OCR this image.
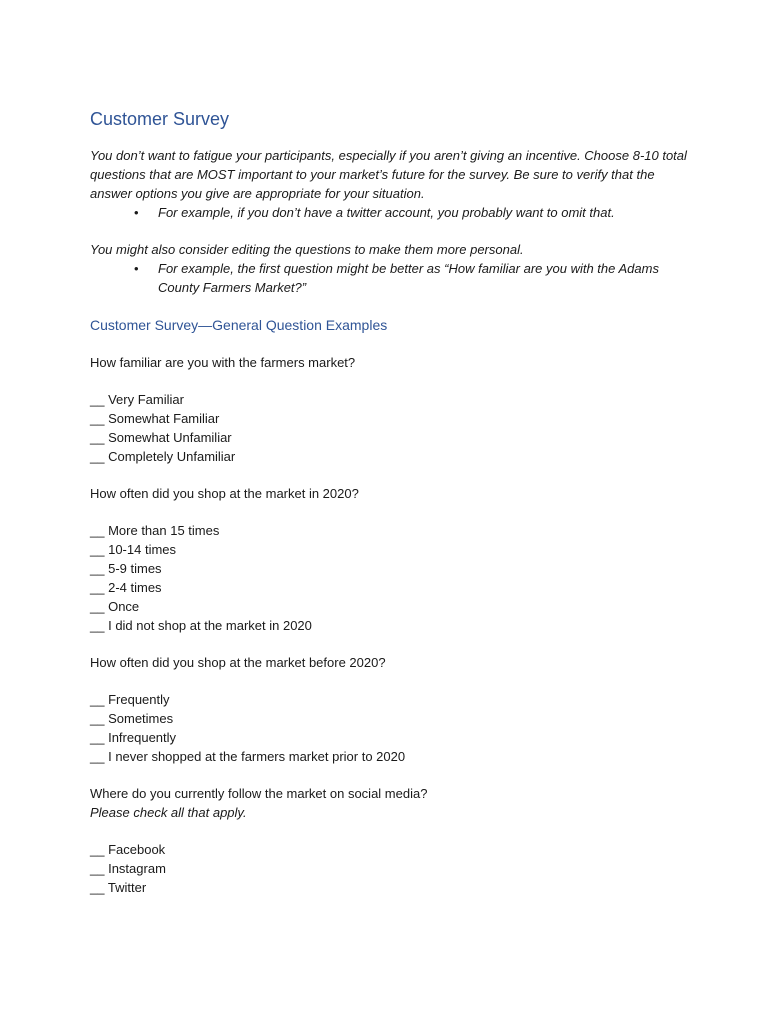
Customer Survey

You don’t want to fatigue your participants, especially if you aren’t giving an incentive. Choose 8-10 total questions that are MOST important to your market’s future for the survey. Be sure to verify that the answer options you give are appropriate for your situation.

• For example, if you don’t have a twitter account, you probably want to omit that.

You might also consider editing the questions to make them more personal.

• For example, the first question might be better as “How familiar are you with the Adams County Farmers Market?”
Customer Survey—General Question Examples

How familiar are you with the farmers market?

__ Very Familiar
__ Somewhat Familiar
__ Somewhat Unfamiliar
__ Completely Unfamiliar

How often did you shop at the market in 2020?

__ More than 15 times
__ 10-14 times
__ 5-9 times
__ 2-4 times
__ Once
__ I did not shop at the market in 2020

How often did you shop at the market before 2020?

__ Frequently
__ Sometimes
__ Infrequently
__ I never shopped at the farmers market prior to 2020

Where do you currently follow the market on social media?

Please check all that apply.

__ Facebook
__ Instagram
__ Twitter
